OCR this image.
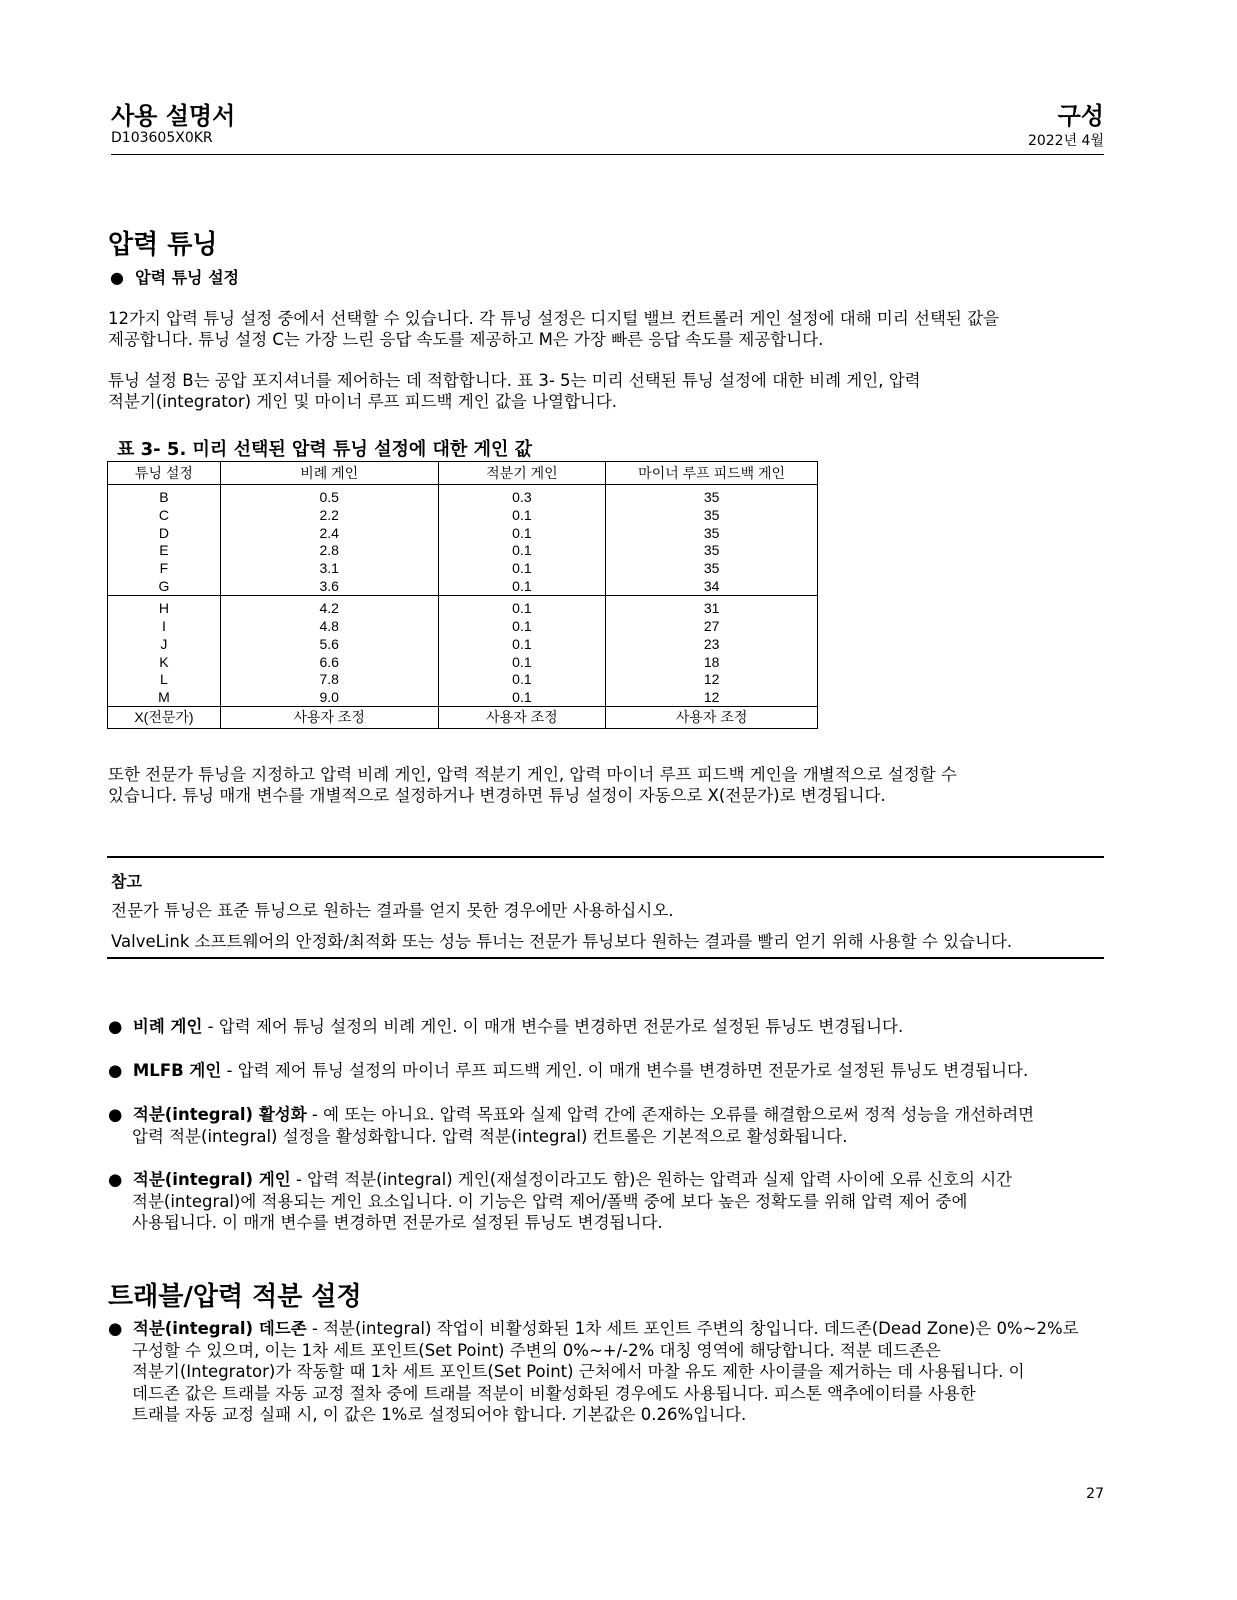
사용 설명서
D103605X0KR
구성
2022년 4월
압력 튜닝
●  압력 튜닝 설정
12가지 압력 튜닝 설정 중에서 선택할 수 있습니다. 각 튜닝 설정은 디지털 밸브 컨트롤러 게인 설정에 대해 미리 선택된 값을
제공합니다. 튜닝 설정 C는 가장 느린 응답 속도를 제공하고 M은 가장 빠른 응답 속도를 제공합니다.
튜닝 설정 B는 공압 포지셔너를 제어하는 데 적합합니다. 표 3- 5는 미리 선택된 튜닝 설정에 대한 비례 게인, 압력
적분기(integrator) 게인 및 마이너 루프 피드백 게인 값을 나열합니다.
표 3- 5. 미리 선택된 압력 튜닝 설정에 대한 게인 값
튜닝 설정	비례 게인	적분기 게인	마이너 루프 피드백 게인

B	0.5	0.3	35
C	2.2	0.1	35
D	2.4	0.1	35
E	2.8	0.1	35
F	3.1	0.1	35
G	3.6	0.1	34

H	4.2	0.1	31
I	4.8	0.1	27
J	5.6	0.1	23
K	6.6	0.1	18
L	7.8	0.1	12
M	9.0	0.1	12
X(전문가)	사용자 조정	사용자 조정	사용자 조정
또한 전문가 튜닝을 지정하고 압력 비례 게인, 압력 적분기 게인, 압력 마이너 루프 피드백 게인을 개별적으로 설정할 수
있습니다. 튜닝 매개 변수를 개별적으로 설정하거나 변경하면 튜닝 설정이 자동으로 X(전문가)로 변경됩니다.
참고
전문가 튜닝은 표준 튜닝으로 원하는 결과를 얻지 못한 경우에만 사용하십시오.
ValveLink 소프트웨어의 안정화/최적화 또는 성능 튜너는 전문가 튜닝보다 원하는 결과를 빨리 얻기 위해 사용할 수 있습니다.
●  비례 게인 - 압력 제어 튜닝 설정의 비례 게인. 이 매개 변수를 변경하면 전문가로 설정된 튜닝도 변경됩니다.
●  MLFB 게인 - 압력 제어 튜닝 설정의 마이너 루프 피드백 게인. 이 매개 변수를 변경하면 전문가로 설정된 튜닝도 변경됩니다.
●  적분(integral) 활성화 - 예 또는 아니요. 압력 목표와 실제 압력 간에 존재하는 오류를 해결함으로써 정적 성능을 개선하려면
압력 적분(integral) 설정을 활성화합니다. 압력 적분(integral) 컨트롤은 기본적으로 활성화됩니다.
●  적분(integral) 게인 - 압력 적분(integral) 게인(재설정이라고도 함)은 원하는 압력과 실제 압력 사이에 오류 신호의 시간
적분(integral)에 적용되는 게인 요소입니다. 이 기능은 압력 제어/폴백 중에 보다 높은 정확도를 위해 압력 제어 중에
사용됩니다. 이 매개 변수를 변경하면 전문가로 설정된 튜닝도 변경됩니다.
트래블/압력 적분 설정
●  적분(integral) 데드존 - 적분(integral) 작업이 비활성화된 1차 세트 포인트 주변의 창입니다. 데드존(Dead Zone)은 0%~2%로
구성할 수 있으며, 이는 1차 세트 포인트(Set Point) 주변의 0%~+/-2% 대칭 영역에 해당합니다. 적분 데드존은
적분기(Integrator)가 작동할 때 1차 세트 포인트(Set Point) 근처에서 마찰 유도 제한 사이클을 제거하는 데 사용됩니다. 이
데드존 값은 트래블 자동 교정 절차 중에 트래블 적분이 비활성화된 경우에도 사용됩니다. 피스톤 액추에이터를 사용한
트래블 자동 교정 실패 시, 이 값은 1%로 설정되어야 합니다. 기본값은 0.26%입니다.
27
